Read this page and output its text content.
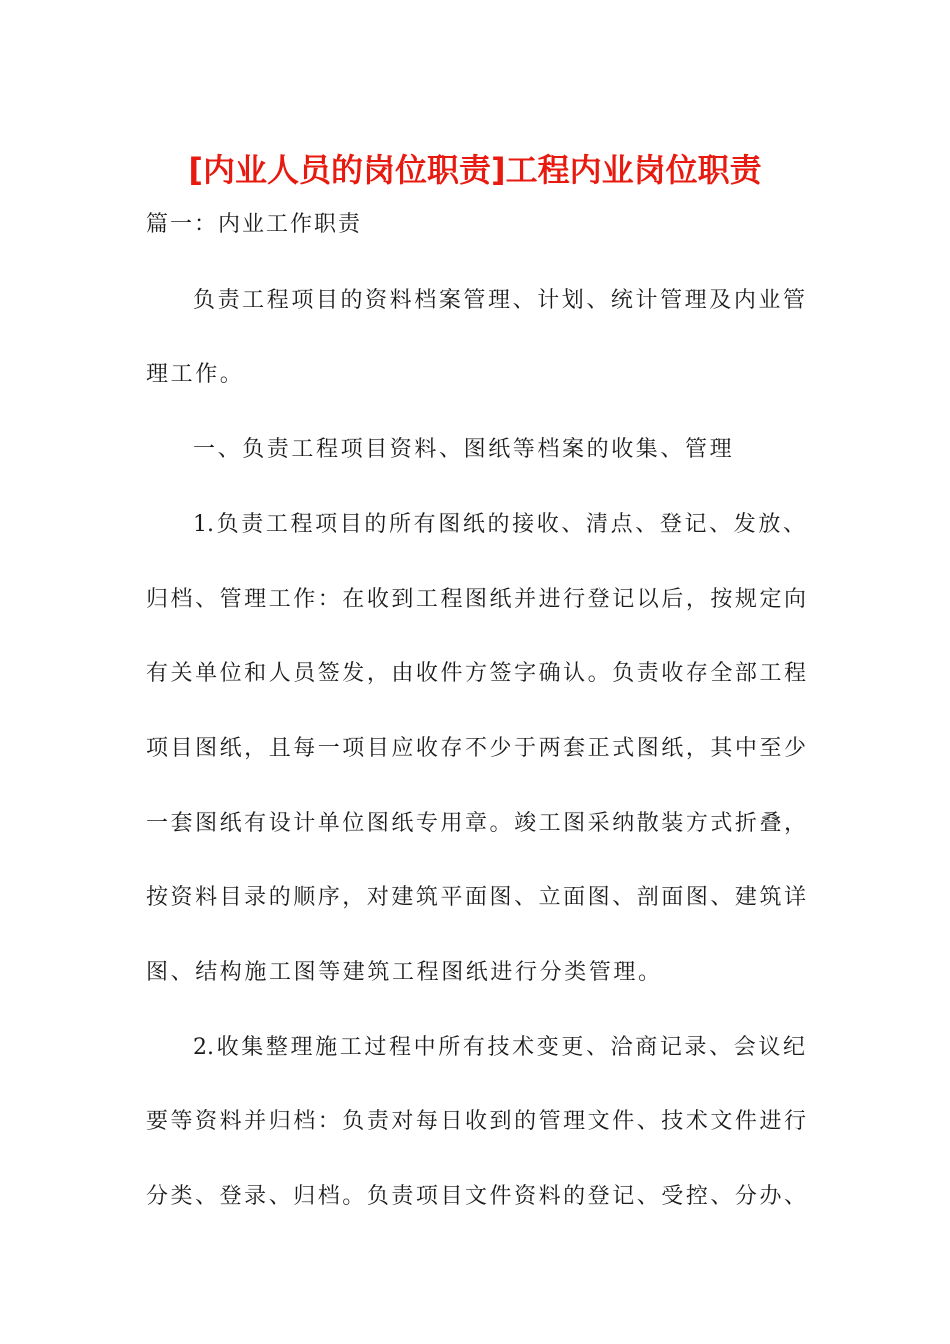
[内业人员的岗位职责]工程内业岗位职责
篇一：内业工作职责
负责工程项目的资料档案管理、计划、统计管理及内业管
理工作。
一、负责工程项目资料、图纸等档案的收集、管理
1.负责工程项目的所有图纸的接收、清点、登记、发放、
归档、管理工作：在收到工程图纸并进行登记以后，按规定向
有关单位和人员签发，由收件方签字确认。负责收存全部工程
项目图纸，且每一项目应收存不少于两套正式图纸，其中至少
一套图纸有设计单位图纸专用章。竣工图采纳散装方式折叠，
按资料目录的顺序，对建筑平面图、立面图、剖面图、建筑详
图、结构施工图等建筑工程图纸进行分类管理。
2.收集整理施工过程中所有技术变更、洽商记录、会议纪
要等资料并归档：负责对每日收到的管理文件、技术文件进行
分类、登录、归档。负责项目文件资料的登记、受控、分办、
